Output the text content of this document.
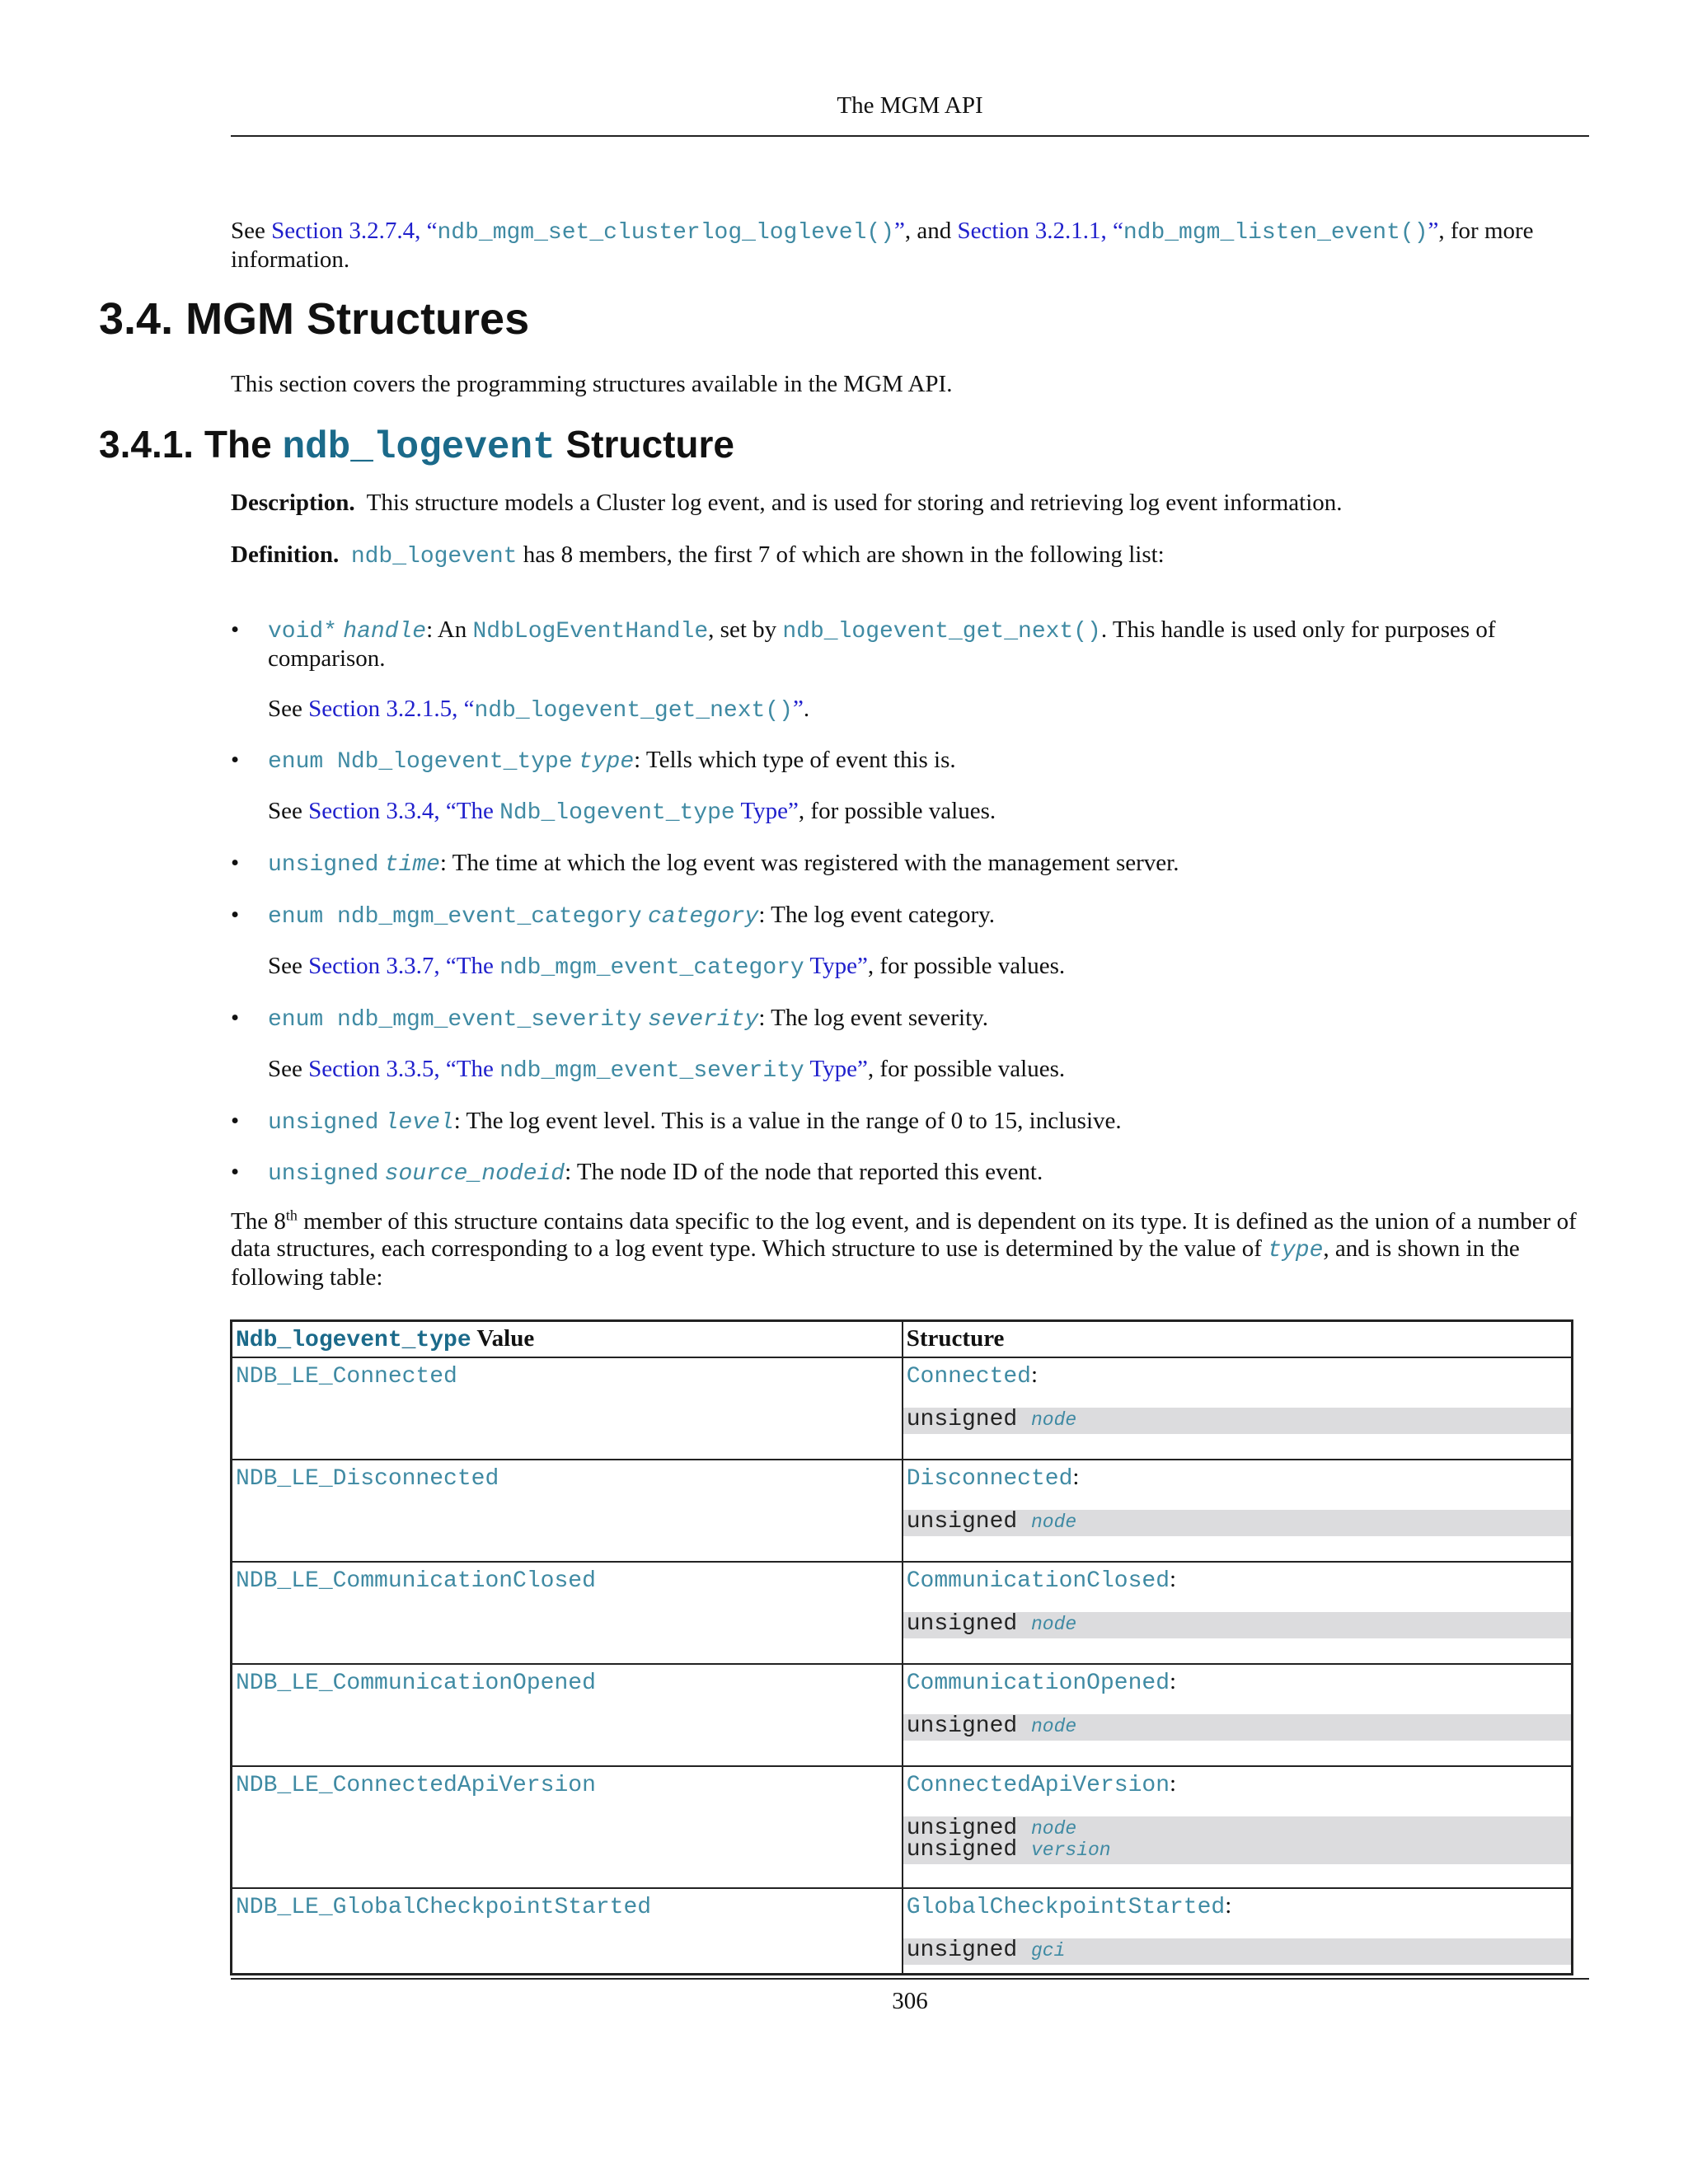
The MGM API

See Section 3.2.7.4, “ndb_mgm_set_clusterlog_loglevel()”, and Section 3.2.1.1, “ndb_mgm_listen_event()”, for more information.

3.4. MGM Structures

This section covers the programming structures available in the MGM API.

3.4.1. The ndb_logevent Structure

Description. This structure models a Cluster log event, and is used for storing and retrieving log event information.

Definition. ndb_logevent has 8 members, the first 7 of which are shown in the following list:

• void* handle: An NdbLogEventHandle, set by ndb_logevent_get_next(). This handle is used only for purposes of comparison.
See Section 3.2.1.5, “ndb_logevent_get_next()”.
• enum Ndb_logevent_type type: Tells which type of event this is.
See Section 3.3.4, “The Ndb_logevent_type Type”, for possible values.
• unsigned time: The time at which the log event was registered with the management server.
• enum ndb_mgm_event_category category: The log event category.
See Section 3.3.7, “The ndb_mgm_event_category Type”, for possible values.
• enum ndb_mgm_event_severity severity: The log event severity.
See Section 3.3.5, “The ndb_mgm_event_severity Type”, for possible values.
• unsigned level: The log event level. This is a value in the range of 0 to 15, inclusive.
• unsigned source_nodeid: The node ID of the node that reported this event.

The 8th member of this structure contains data specific to the log event, and is dependent on its type. It is defined as the union of a number of data structures, each corresponding to a log event type. Which structure to use is determined by the value of type, and is shown in the following table:

Ndb_logevent_type Value	Structure
NDB_LE_Connected	Connected:
unsigned node

NDB_LE_Disconnected	Disconnected:
unsigned node

NDB_LE_CommunicationClosed	CommunicationClosed:
unsigned node

NDB_LE_CommunicationOpened	CommunicationOpened:
unsigned node

NDB_LE_ConnectedApiVersion	ConnectedApiVersion:
unsigned node
unsigned version

NDB_LE_GlobalCheckpointStarted	GlobalCheckpointStarted:
unsigned gci
306
